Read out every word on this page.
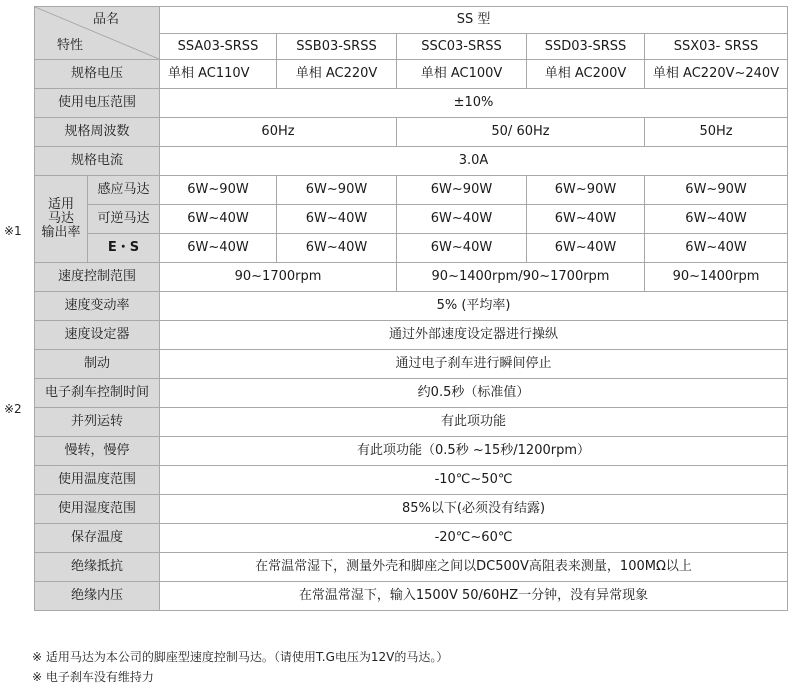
品名
特性		SS 型				
		SSA03-SRSS	SSB03-SRSS	SSC03-SRSS	SSD03-SRSS	SSX03- SRSS
规格电压		单相 AC110V	单相 AC220V	单相 AC100V	单相 AC200V	单相 AC220V~240V
使用电压范围		±10%				
规格周波数		60Hz		50/ 60Hz		50Hz
规格电流		3.0A				
适用
马达
输出率	感应马达	6W~90W	6W~90W	6W~90W	6W~90W	6W~90W
	可逆马达	6W~40W	6W~40W	6W~40W	6W~40W	6W~40W
	E・S	6W~40W	6W~40W	6W~40W	6W~40W	6W~40W
速度控制范围		90~1700rpm		90~1400rpm/90~1700rpm		90~1400rpm
速度变动率		5% (平均率)				
速度设定器		通过外部速度设定器进行操纵				
制动		通过电子刹车进行瞬间停止				
电子刹车控制时间		约0.5秒（标准值）				
并列运转		有此项功能				
慢转，慢停		有此项功能（0.5秒 ~15秒/1200rpm）				
使用温度范围		-10℃~50℃				
使用湿度范围		85%以下(必须没有结露)				
保存温度		-20℃~60℃				
绝缘抵抗		在常温常湿下，测量外壳和脚座之间以DC500V高阻表来测量，100MΩ以上				
绝缘内压		在常温常湿下，输入1500V 50/60HZ一分钟，没有异常现象				
※1
※2
※ 适用马达为本公司的脚座型速度控制马达。（请使用T.G电压为12V的马达。）
※ 电子刹车没有维持力
